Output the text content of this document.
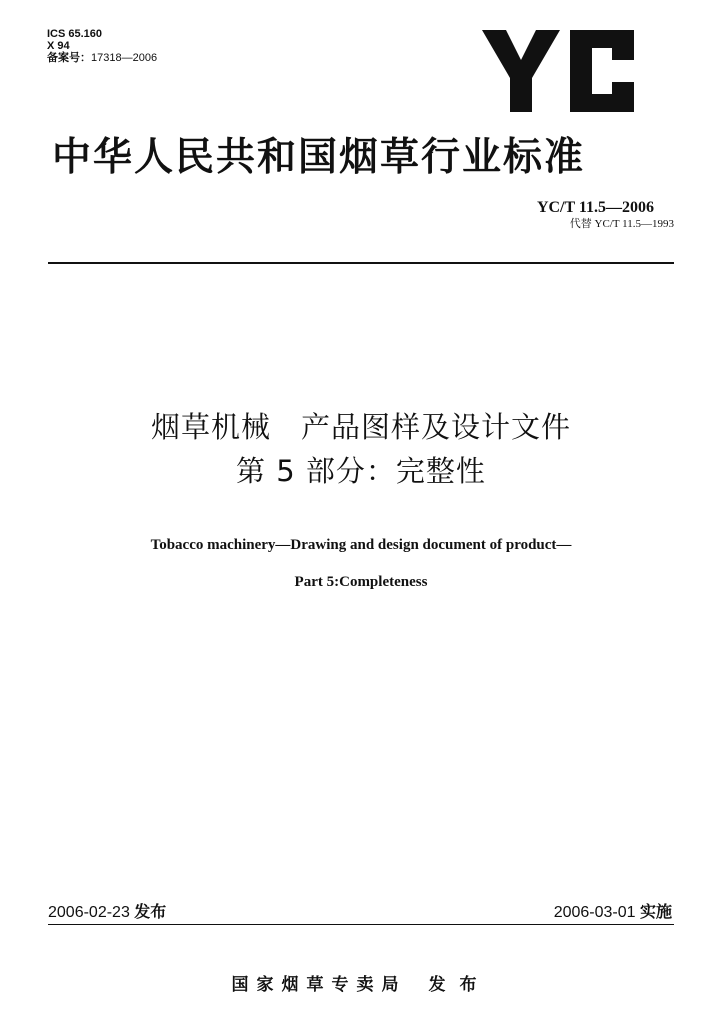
ICS 65.160
X 94
备案号：17318—2006
中华人民共和国烟草行业标准
YC/T 11.5—2006
代替 YC/T 11.5—1993
烟草机械　产品图样及设计文件
第 5 部分：完整性
Tobacco machinery—Drawing and design document of product—
Part 5:Completeness
2006-02-23 发布	2006-03-01 实施
国家烟草专卖局 发布
